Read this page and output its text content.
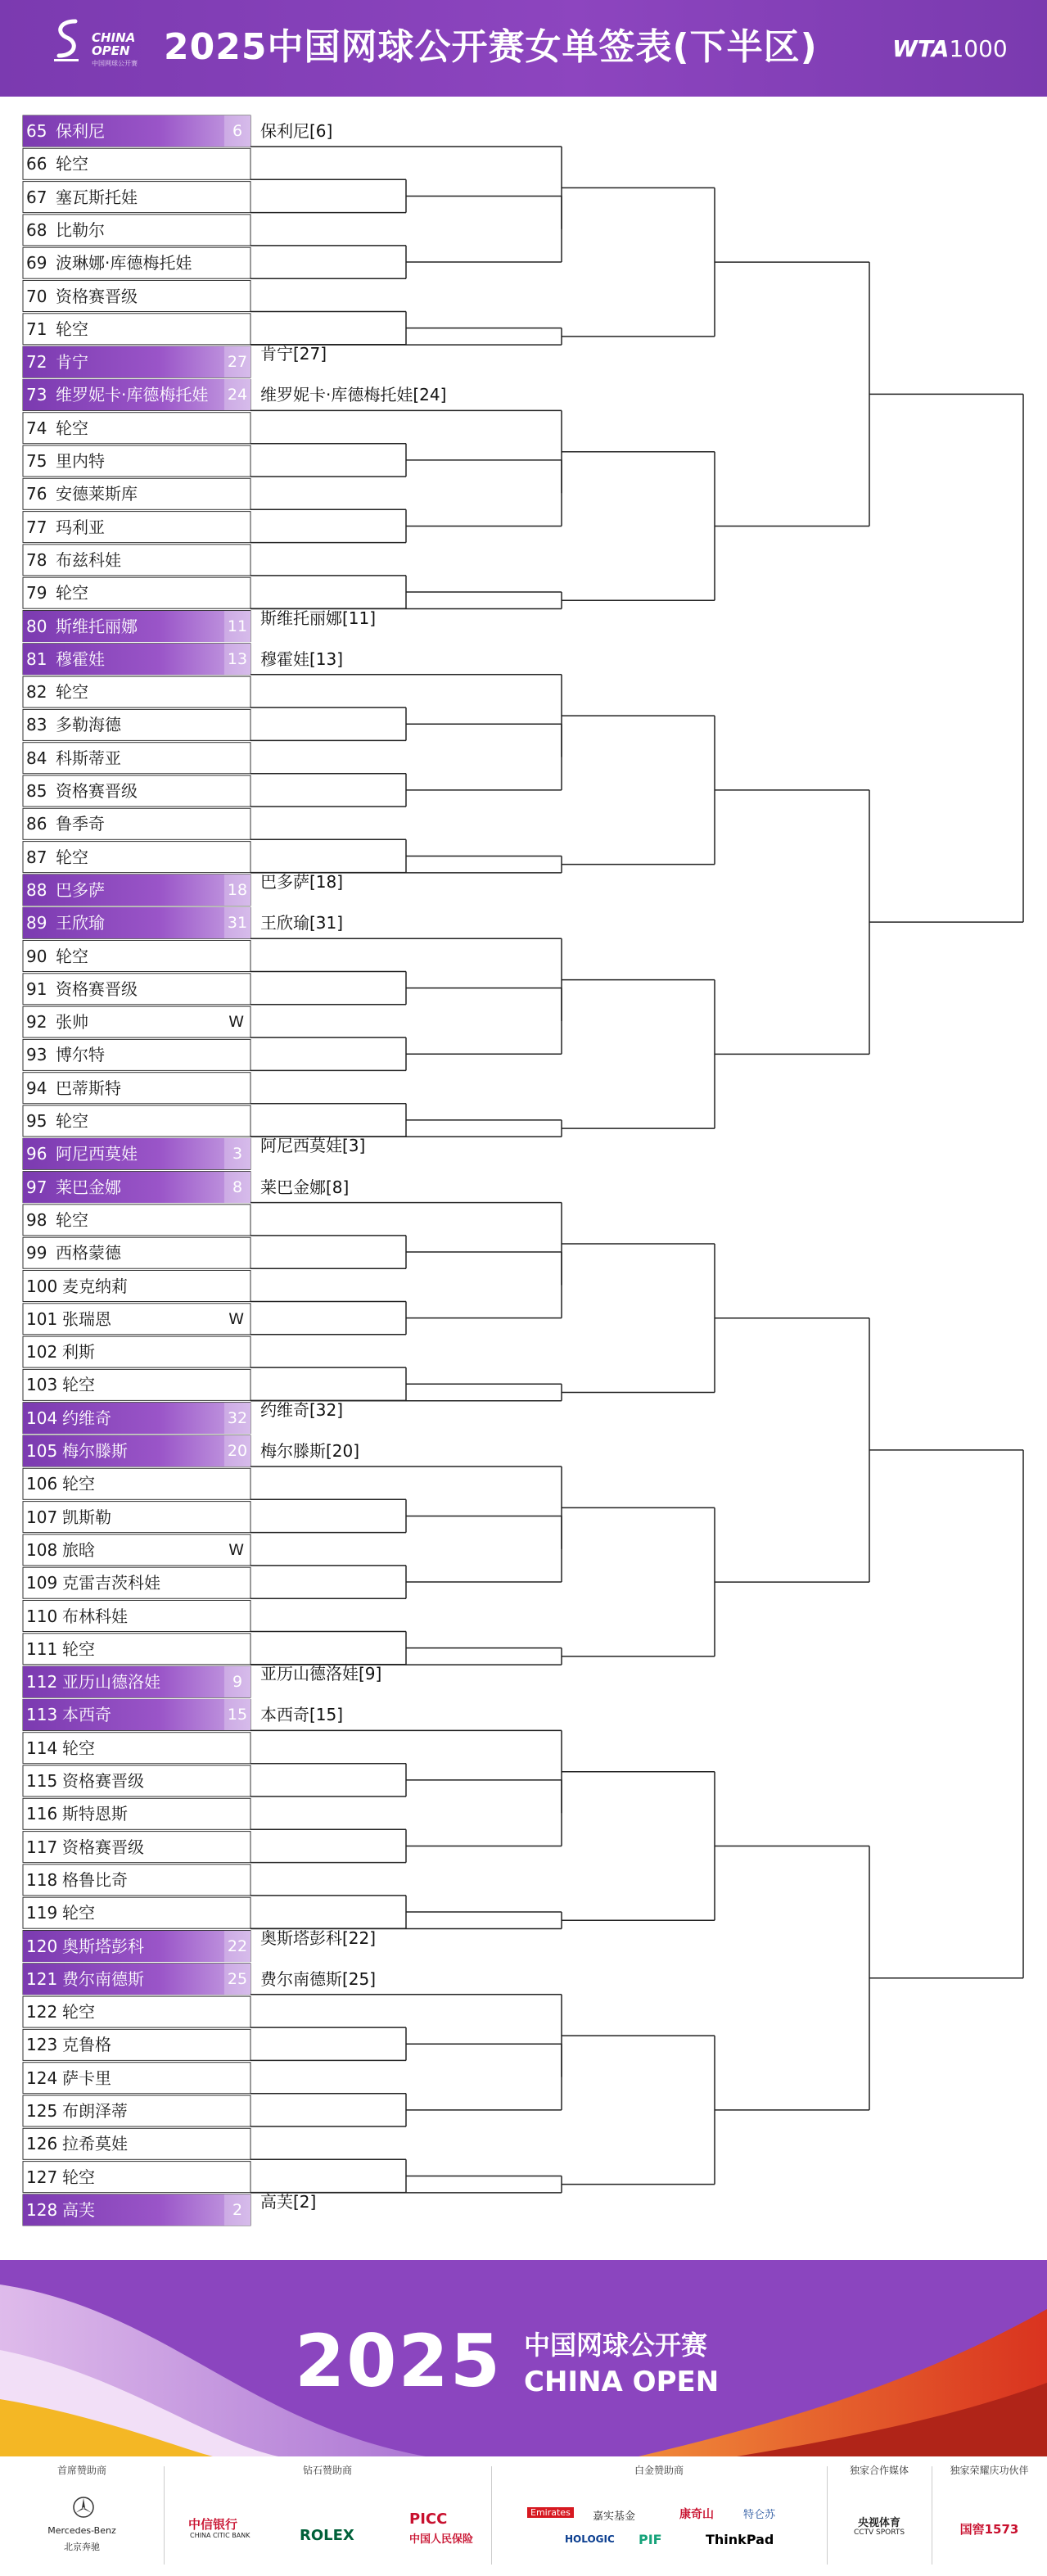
CHINA
OPEN
中国网球公开赛 2025中国网球公开赛女单签表(下半区)	WTA1000
65 保利尼	6
66 轮空
67 塞瓦斯托娃
68 比勒尔
69 波琳娜·库德梅托娃
70 资格赛晋级
71 轮空
72 肯宁	27
73 维罗妮卡·库德梅托娃 24
74 轮空
75 里内特
76 安德莱斯库
77 玛利亚
78 布兹科娃
79 轮空
80 斯维托丽娜	11
81 穆霍娃	13
82 轮空
83 多勒海德
84 科斯蒂亚
85 资格赛晋级
86 鲁季奇
87 轮空
88 巴多萨	18
89 王欣瑜	31
90 轮空
91 资格赛晋级
92 张帅	W
93 博尔特
94 巴蒂斯特
95 轮空
96 阿尼西莫娃	3
97 莱巴金娜	8
98 轮空
99 西格蒙德
100 麦克纳莉
101 张瑞恩	W
102 利斯
103 轮空
104 约维奇	32
105 梅尔滕斯	20
106 轮空
107 凯斯勒
108 旅晗	W
109 克雷吉茨科娃
110 布林科娃
111 轮空
112 亚历山德洛娃	9
113 本西奇	15
114 轮空
115 资格赛晋级
116 斯特恩斯
117 资格赛晋级
118 格鲁比奇
119 轮空
120 奥斯塔彭科	22
121 费尔南德斯	25
122 轮空
123 克鲁格
124 萨卡里
125 布朗泽蒂
126 拉希莫娃
127 轮空
128 高芙	2
保利尼[6]
肯宁[27]
维罗妮卡·库德梅托娃[24]
斯维托丽娜[11]
穆霍娃[13]
巴多萨[18]
王欣瑜[31]
阿尼西莫娃[3]
莱巴金娜[8]
约维奇[32]
梅尔滕斯[20]
亚历山德洛娃[9]
本西奇[15]
奥斯塔彭科[22]
费尔南德斯[25]
高芙[2]
2025 中国网球公开赛
CHINA OPEN
首席赞助商
Mercedes-Benz
北京奔驰
钻石赞助商
中信银行
CHINA CITIC BANK	ROLEX
PICC
中国人民保险
白金赞助商
Emirates	嘉实基金	康奇山	特仑苏
HOLOGIC PIF	ThinkPad
独家合作媒体
央视体育
CCTV SPORTS
独家荣耀庆功伙伴
国窖1573
